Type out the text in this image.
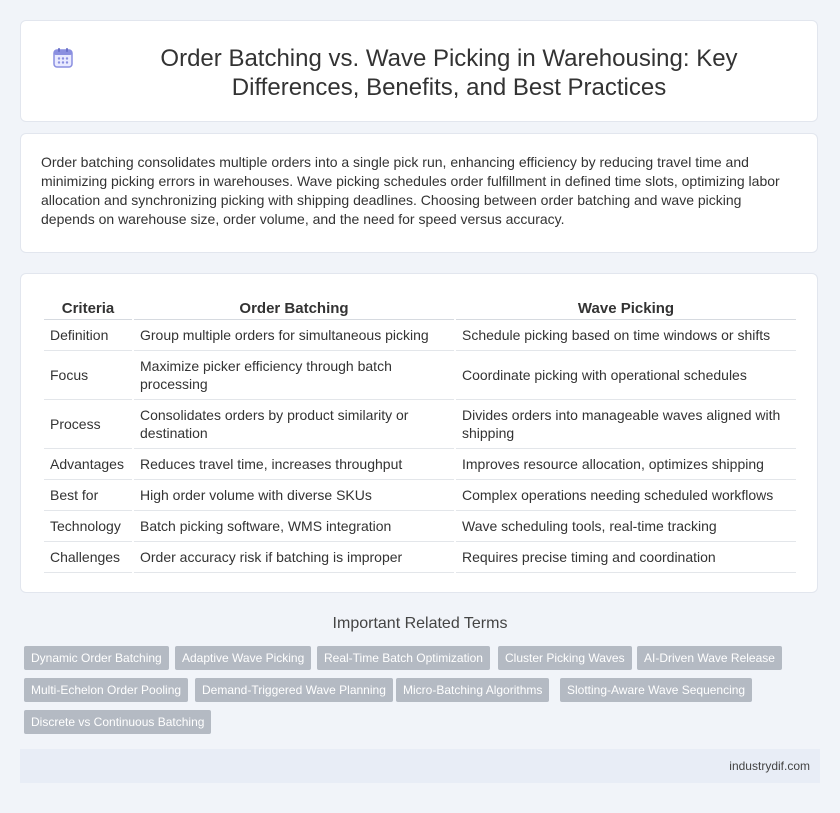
Order Batching vs. Wave Picking in Warehousing: Key Differences, Benefits, and Best Practices

Order batching consolidates multiple orders into a single pick run, enhancing efficiency by reducing travel time and minimizing picking errors in warehouses. Wave picking schedules order fulfillment in defined time slots, optimizing labor allocation and synchronizing picking with shipping deadlines. Choosing between order batching and wave picking depends on warehouse size, order volume, and the need for speed versus accuracy.

Criteria	Order Batching	Wave Picking
Definition	Group multiple orders for simultaneous picking	Schedule picking based on time windows or shifts
Focus	Maximize picker efficiency through batch processing	Coordinate picking with operational schedules
Process	Consolidates orders by product similarity or destination	Divides orders into manageable waves aligned with shipping
Advantages	Reduces travel time, increases throughput	Improves resource allocation, optimizes shipping
Best for	High order volume with diverse SKUs	Complex operations needing scheduled workflows
Technology	Batch picking software, WMS integration	Wave scheduling tools, real-time tracking
Challenges	Order accuracy risk if batching is improper	Requires precise timing and coordination
Important Related Terms
Dynamic Order Batching	Adaptive Wave Picking	Real-Time Batch Optimization	Cluster Picking Waves	AI-Driven Wave Release
Multi-Echelon Order Pooling	Demand-Triggered Wave Planning	Micro-Batching Algorithms	Slotting-Aware Wave Sequencing
Discrete vs Continuous Batching
industrydif.com
